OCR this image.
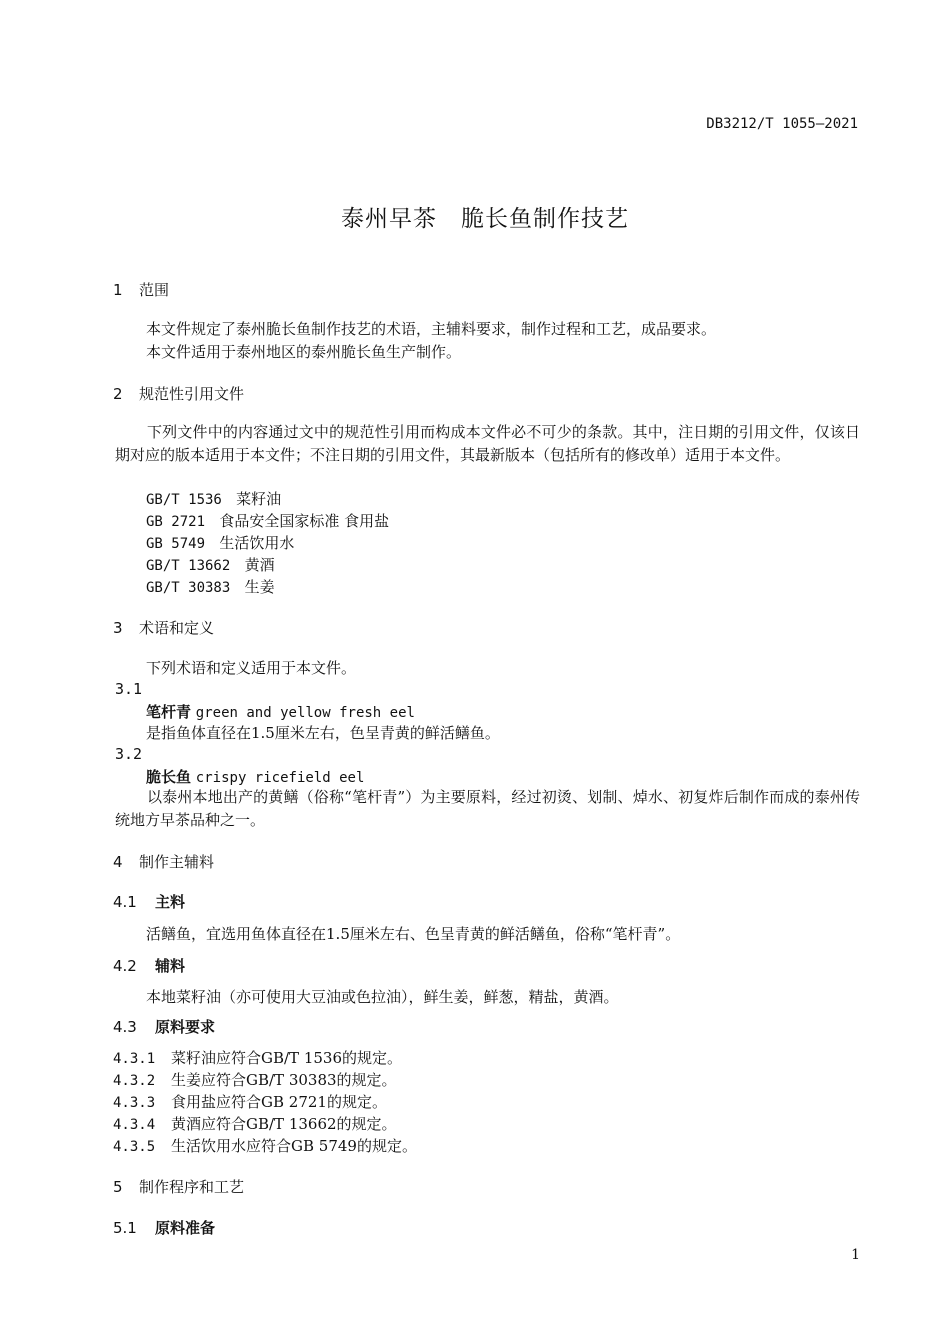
DB3212/T 1055—2021
泰州早茶　脆长鱼制作技艺
1 范围
本文件规定了泰州脆长鱼制作技艺的术语，主辅料要求，制作过程和工艺，成品要求。
本文件适用于泰州地区的泰州脆长鱼生产制作。
2 规范性引用文件
下列文件中的内容通过文中的规范性引用而构成本文件必不可少的条款。其中，注日期的引用文件，仅该日期对应的版本适用于本文件；不注日期的引用文件，其最新版本（包括所有的修改单）适用于本文件。
GB/T 1536 菜籽油
GB 2721 食品安全国家标准 食用盐
GB 5749 生活饮用水
GB/T 13662 黄酒
GB/T 30383 生姜
3 术语和定义
下列术语和定义适用于本文件。
3.1
笔杆青 green and yellow fresh eel
是指鱼体直径在1.5厘米左右，色呈青黄的鲜活鳝鱼。
3.2
脆长鱼 crispy ricefield eel
以泰州本地出产的黄鳝（俗称“笔杆青”）为主要原料，经过初烫、划制、焯水、初复炸后制作而成的泰州传统地方早茶品种之一。
4 制作主辅料
4.1 主料
活鳝鱼，宜选用鱼体直径在1.5厘米左右、色呈青黄的鲜活鳝鱼，俗称“笔杆青”。
4.2 辅料
本地菜籽油（亦可使用大豆油或色拉油），鲜生姜，鲜葱，精盐，黄酒。
4.3 原料要求
4.3.1 菜籽油应符合GB/T 1536的规定。
4.3.2 生姜应符合GB/T 30383的规定。
4.3.3 食用盐应符合GB 2721的规定。
4.3.4 黄酒应符合GB/T 13662的规定。
4.3.5 生活饮用水应符合GB 5749的规定。
5 制作程序和工艺
5.1 原料准备
1
